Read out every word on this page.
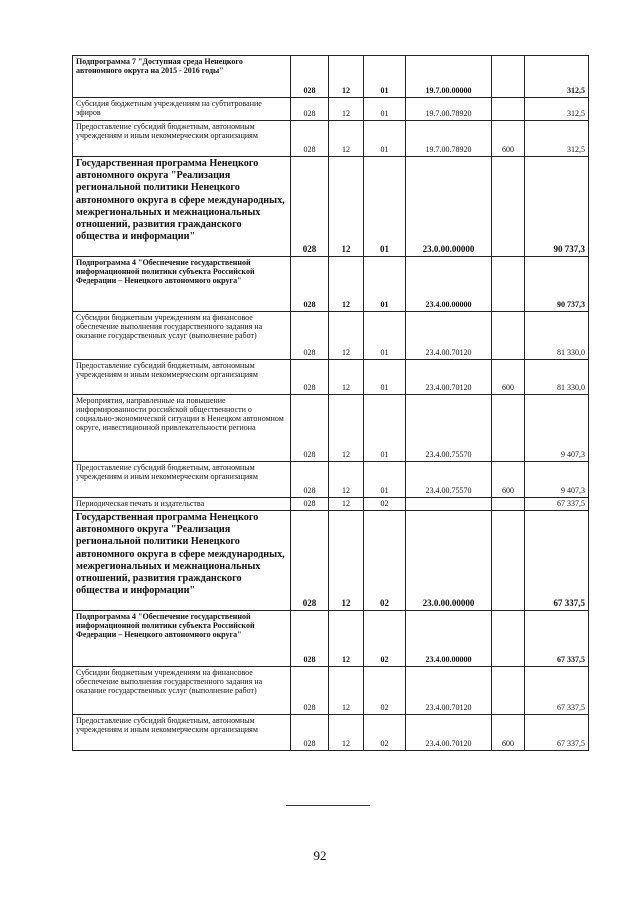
Подпрограмма 7 "Доступная среда Ненецкого автономного округа на 2015 - 2016 годы"	028	12	01	19.7.00.00000		312,5
Субсидия бюджетным учреждениям на субтитрование эфиров	028	12	01	19.7.00.78920		312,5
Предоставление субсидий бюджетным, автономным учреждениям и иным некоммерческим организациям	028	12	01	19.7.00.78920	600	312,5
Государственная программа Ненецкого автономного округа "Реализация региональной политики Ненецкого автономного округа в сфере международных, межрегиональных и межнациональных отношений, развития гражданского общества и информации"	028	12	01	23.0.00.00000		90 737,3
Подпрограмма 4 "Обеспечение государственной информационной политики субъекта Российской Федерации – Ненецкого автономного округа"	028	12	01	23.4.00.00000		90 737,3
Субсидии бюджетным учреждениям на финансовое обеспечение выполнения государственного задания на оказание государственных услуг (выполнение работ)	028	12	01	23.4.00.70120		81 330,0
Предоставление субсидий бюджетным, автономным учреждениям и иным некоммерческим организациям	028	12	01	23.4.00.70120	600	81 330,0
Мероприятия, направленные на повышение информированности российской общественности о социально-экономической ситуации в Ненецком автономном округе, инвестиционной привлекательности региона	028	12	01	23.4.00.75570		9 407,3
Предоставление субсидий бюджетным, автономным учреждениям и иным некоммерческим организациям	028	12	01	23.4.00.75570	600	9 407,3
Периодическая печать и издательства	028	12	02			67 337,5
Государственная программа Ненецкого автономного округа "Реализация региональной политики Ненецкого автономного округа в сфере международных, межрегиональных и межнациональных отношений, развития гражданского общества и информации"	028	12	02	23.0.00.00000		67 337,5
Подпрограмма 4 "Обеспечение государственной информационной политики субъекта Российской Федерации – Ненецкого автономного округа"	028	12	02	23.4.00.00000		67 337,5
Субсидии бюджетным учреждениям на финансовое обеспечение выполнения государственного задания на оказание государственных услуг (выполнение работ)	028	12	02	23.4.00.70120		67 337,5
Предоставление субсидий бюджетным, автономным учреждениям и иным некоммерческим организациям	028	12	02	23.4.00.70120	600	67 337,5
92
